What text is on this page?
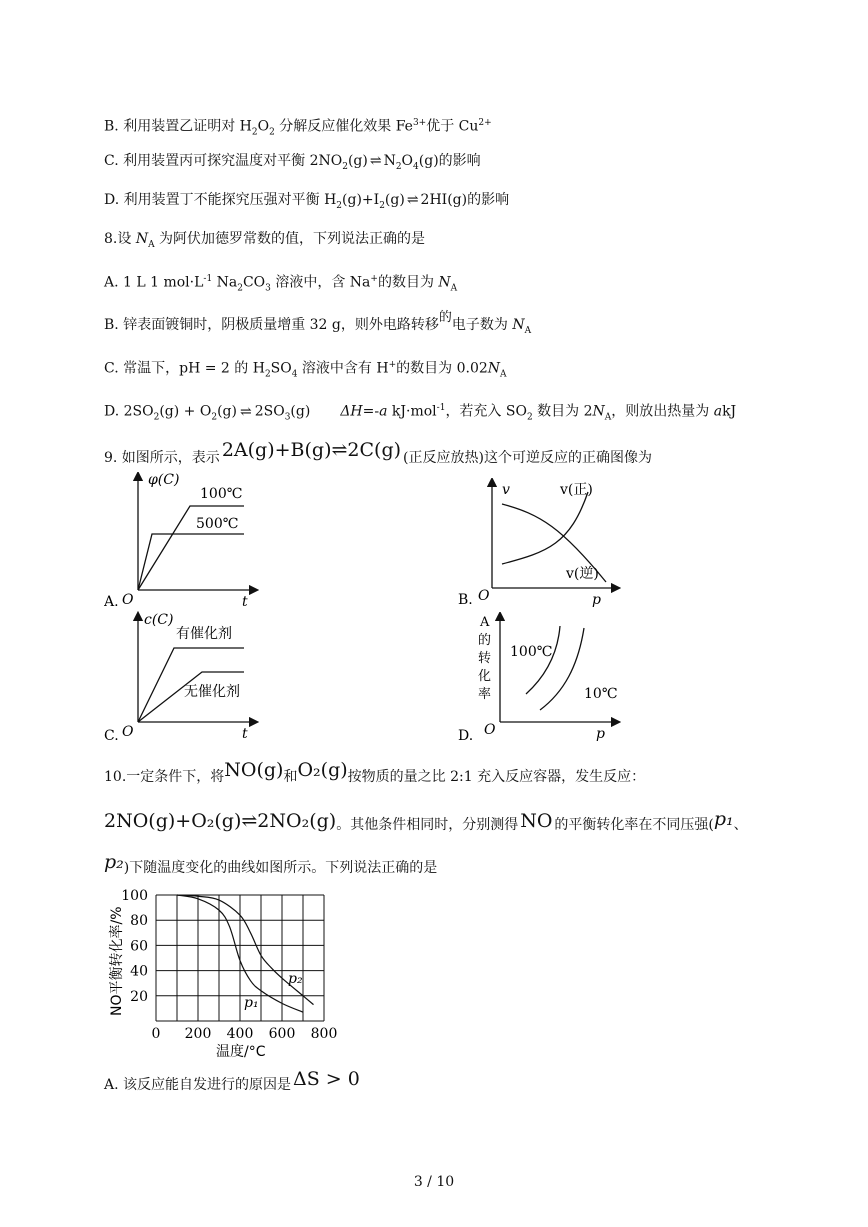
B. 利用装置乙证明对 $H_2O_2$ 分解反应催化效果 $Fe^{3+}$优于 $Cu^{2+}$
C. 利用装置丙可探究温度对平衡 $2NO_2(g)$ ⇌ $N_2O_4(g)$的影响
D. 利用装置丁不能探究压强对平衡 $H_2(g)+I_2(g)$ ⇌ 2HI(g)的影响
8.设 $N_A$ 为阿伏加德罗常数的值，下列说法正确的是
A. 1 L 1 $mol\cdot L^{-1}$ $Na_2CO_3$ 溶液中，含 Na+的数目为 $N_A$
B. 锌表面镀铜时，阴极质量增重 32 g，则外电路转移的电子数为 $N_A$
C. 常温下，pH = 2 的 $H_2SO_4$ 溶液中含有 H+的数目为 $0.02N_A$
D. $2SO_2(g) + O_2(g)$ ⇌ $2SO_3(g)$ ΔH=-a kJ·mol$^{-1}$，若充入 $SO_2$ 数目为 $2N_A$，则放出热量为 akJ
9. 如图所示，表示 2A(g)+B(g)⇌2C(g) (正反应放热)这个可逆反应的正确图像为
φ(C)
100℃
500℃
O	t
A.
v	v(正)
v(逆)
O	p
B.
c(C)
有催化剂
无催化剂
O	t
C.
A
的
转
化
率
100℃
10℃
O	p
D.
10.一定条件下，将NO(g)和O₂(g)按物质的量之比 2:1 充入反应容器，发生反应：
2NO(g)+O₂(g)⇌2NO₂(g)。其他条件相同时，分别测得 NO 的平衡转化率在不同压强(p₁、
p₂)下随温度变化的曲线如图所示。下列说法正确的是
20
40
60
80
100
0 200 400 600 800
NO平衡转化率/%
温度/°C
p₂
p₁
A. 该反应能自发进行的原因是 ΔS > 0
3 / 10
